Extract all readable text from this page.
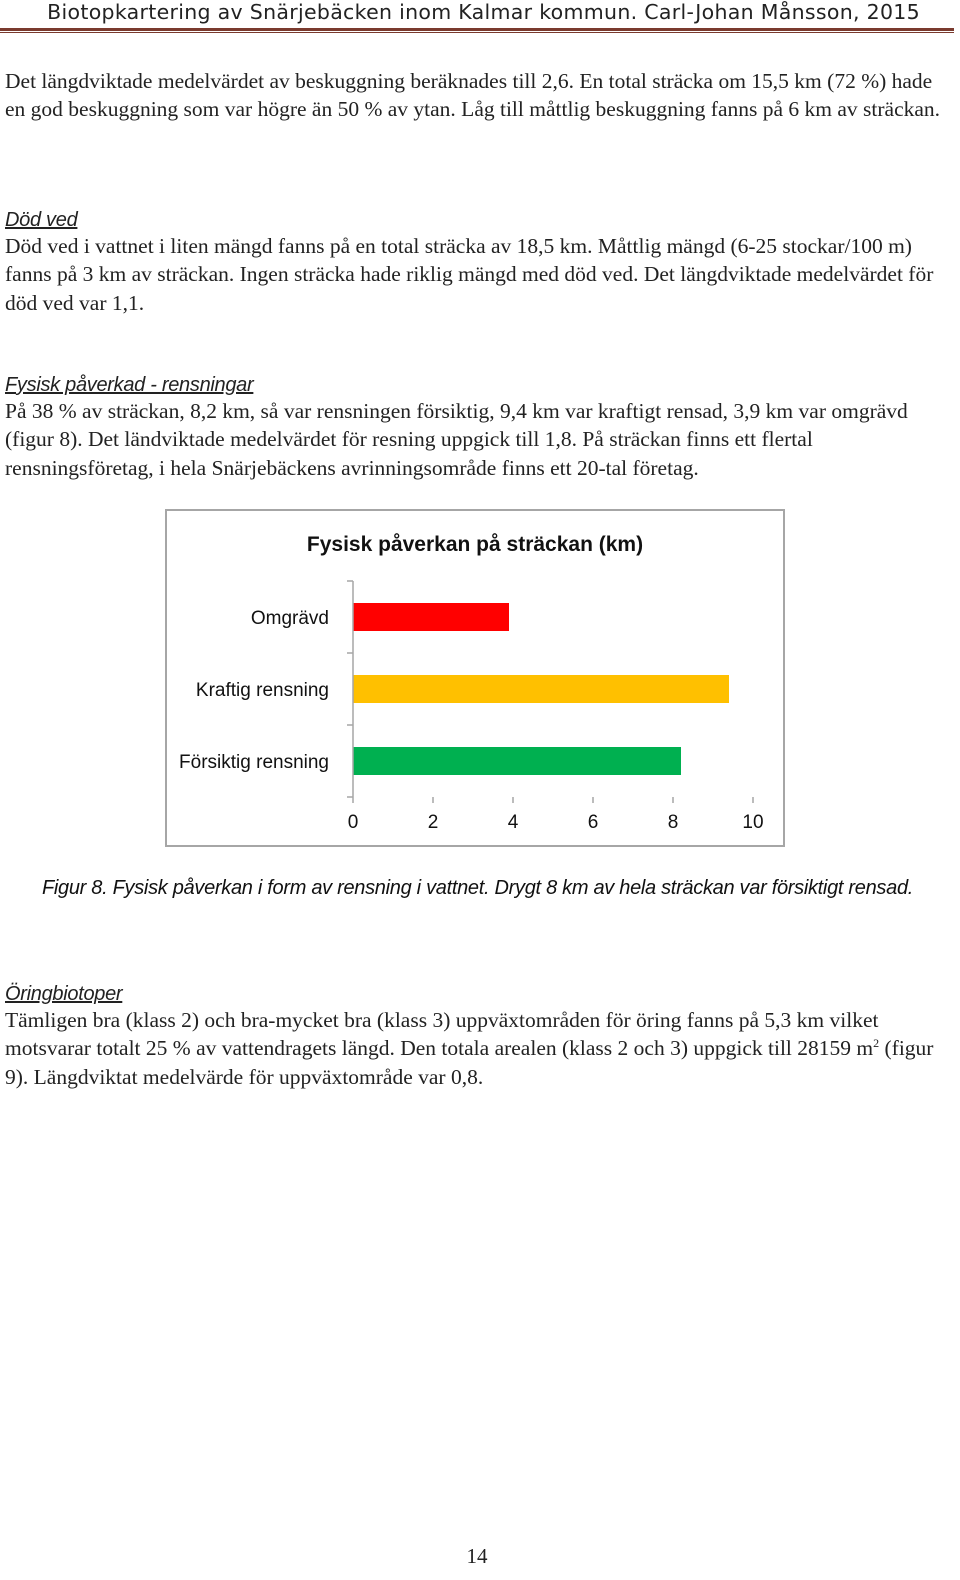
Biotopkartering av Snärjebäcken inom Kalmar kommun. Carl-Johan Månsson, 2015

Det längdviktade medelvärdet av beskuggning beräknades till 2,6. En total sträcka om 15,5 km (72 %) hade en god beskuggning som var högre än 50 % av ytan. Låg till måttlig beskuggning fanns på 6 km av sträckan.

Död ved

Död ved i vattnet i liten mängd fanns på en total sträcka av 18,5 km. Måttlig mängd (6-25 stockar/100 m) fanns på 3 km av sträckan. Ingen sträcka hade riklig mängd med död ved. Det längdviktade medelvärdet för död ved var 1,1.

Fysisk påverkad - rensningar

På 38 % av sträckan, 8,2 km, så var rensningen försiktig, 9,4 km var kraftigt rensad, 3,9 km var omgrävd (figur 8). Det ländviktade medelvärdet för resning uppgick till 1,8. På sträckan finns ett flertal rensningsföretag, i hela Snärjebäckens avrinningsområde finns ett 20-tal företag.

Fysisk påverkan på sträckan (km)
Omgrävd
Kraftig rensning
Försiktig rensning
0	2	4	6	8	10

Figur 8. Fysisk påverkan i form av rensning i vattnet. Drygt 8 km av hela sträckan var försiktigt rensad.

Öringbiotoper

Tämligen bra (klass 2) och bra-mycket bra (klass 3) uppväxtområden för öring fanns på 5,3 km vilket motsvarar totalt 25 % av vattendragets längd. Den totala arealen (klass 2 och 3) uppgick till 28159 $m^2$ (figur 9). Längdviktat medelvärde för uppväxtområde var 0,8.

14
